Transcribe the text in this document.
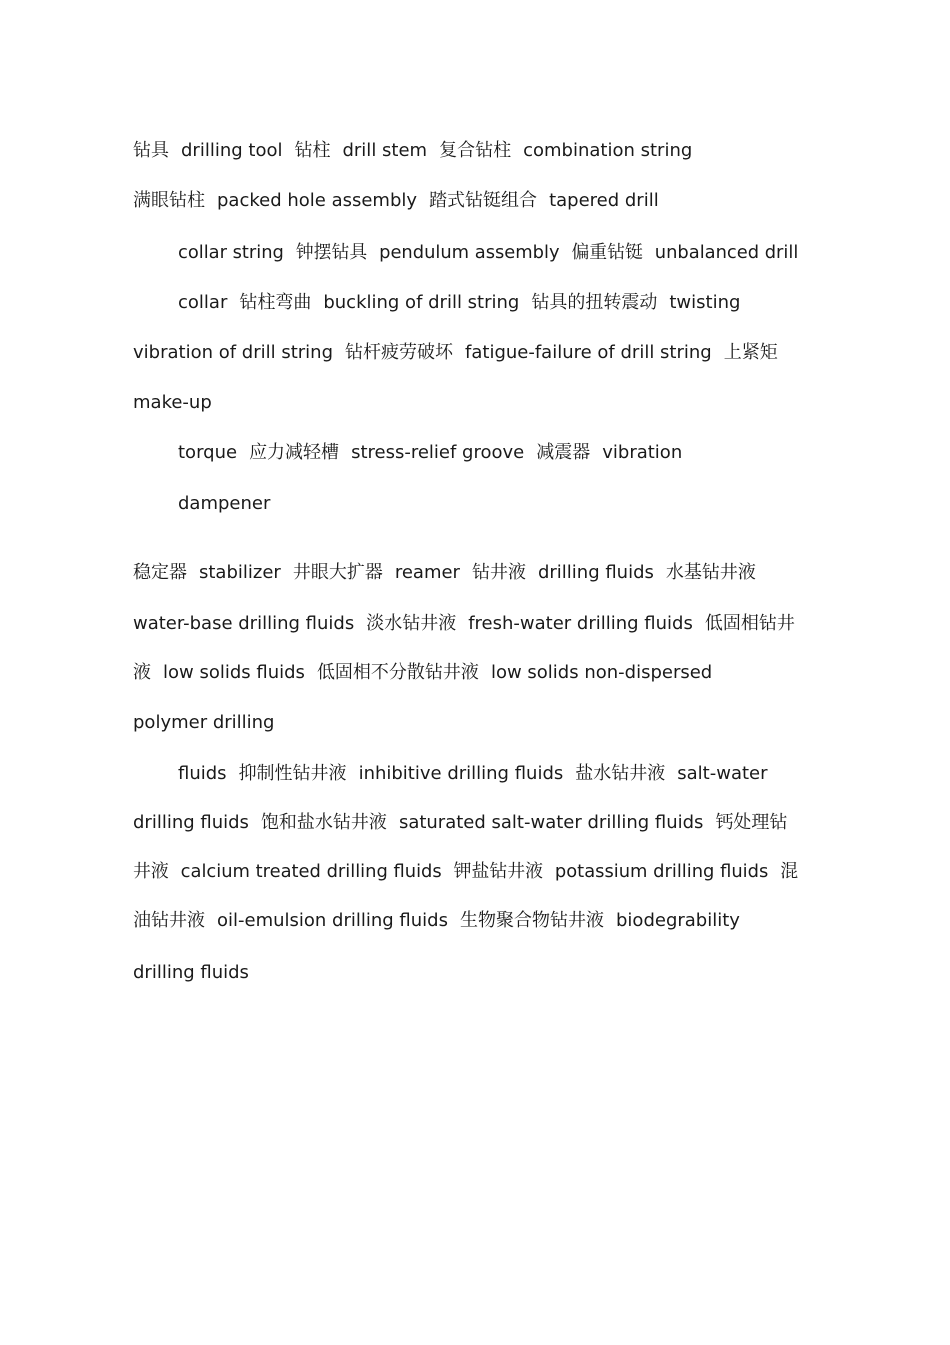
钻具 drilling tool 钻柱 drill stem 复合钻柱 combination string
满眼钻柱 packed hole assembly 踏式钻铤组合 tapered drill
collar string 钟摆钻具 pendulum assembly 偏重钻铤 unbalanced drill
collar 钻柱弯曲 buckling of drill string 钻具的扭转震动 twisting
vibration of drill string 钻杆疲劳破坏 fatigue-failure of drill string 上紧矩
make-up
torque 应力减轻槽 stress-relief groove 减震器 vibration
dampener
稳定器 stabilizer 井眼大扩器 reamer 钻井液 drilling fluids 水基钻井液
water-base drilling fluids 淡水钻井液 fresh-water drilling fluids 低固相钻井
液 low solids fluids 低固相不分散钻井液 low solids non-dispersed
polymer drilling
fluids 抑制性钻井液 inhibitive drilling fluids 盐水钻井液 salt-water
drilling fluids 饱和盐水钻井液 saturated salt-water drilling fluids 钙处理钻
井液 calcium treated drilling fluids 钾盐钻井液 potassium drilling fluids 混
油钻井液 oil-emulsion drilling fluids 生物聚合物钻井液 biodegrability
drilling fluids
